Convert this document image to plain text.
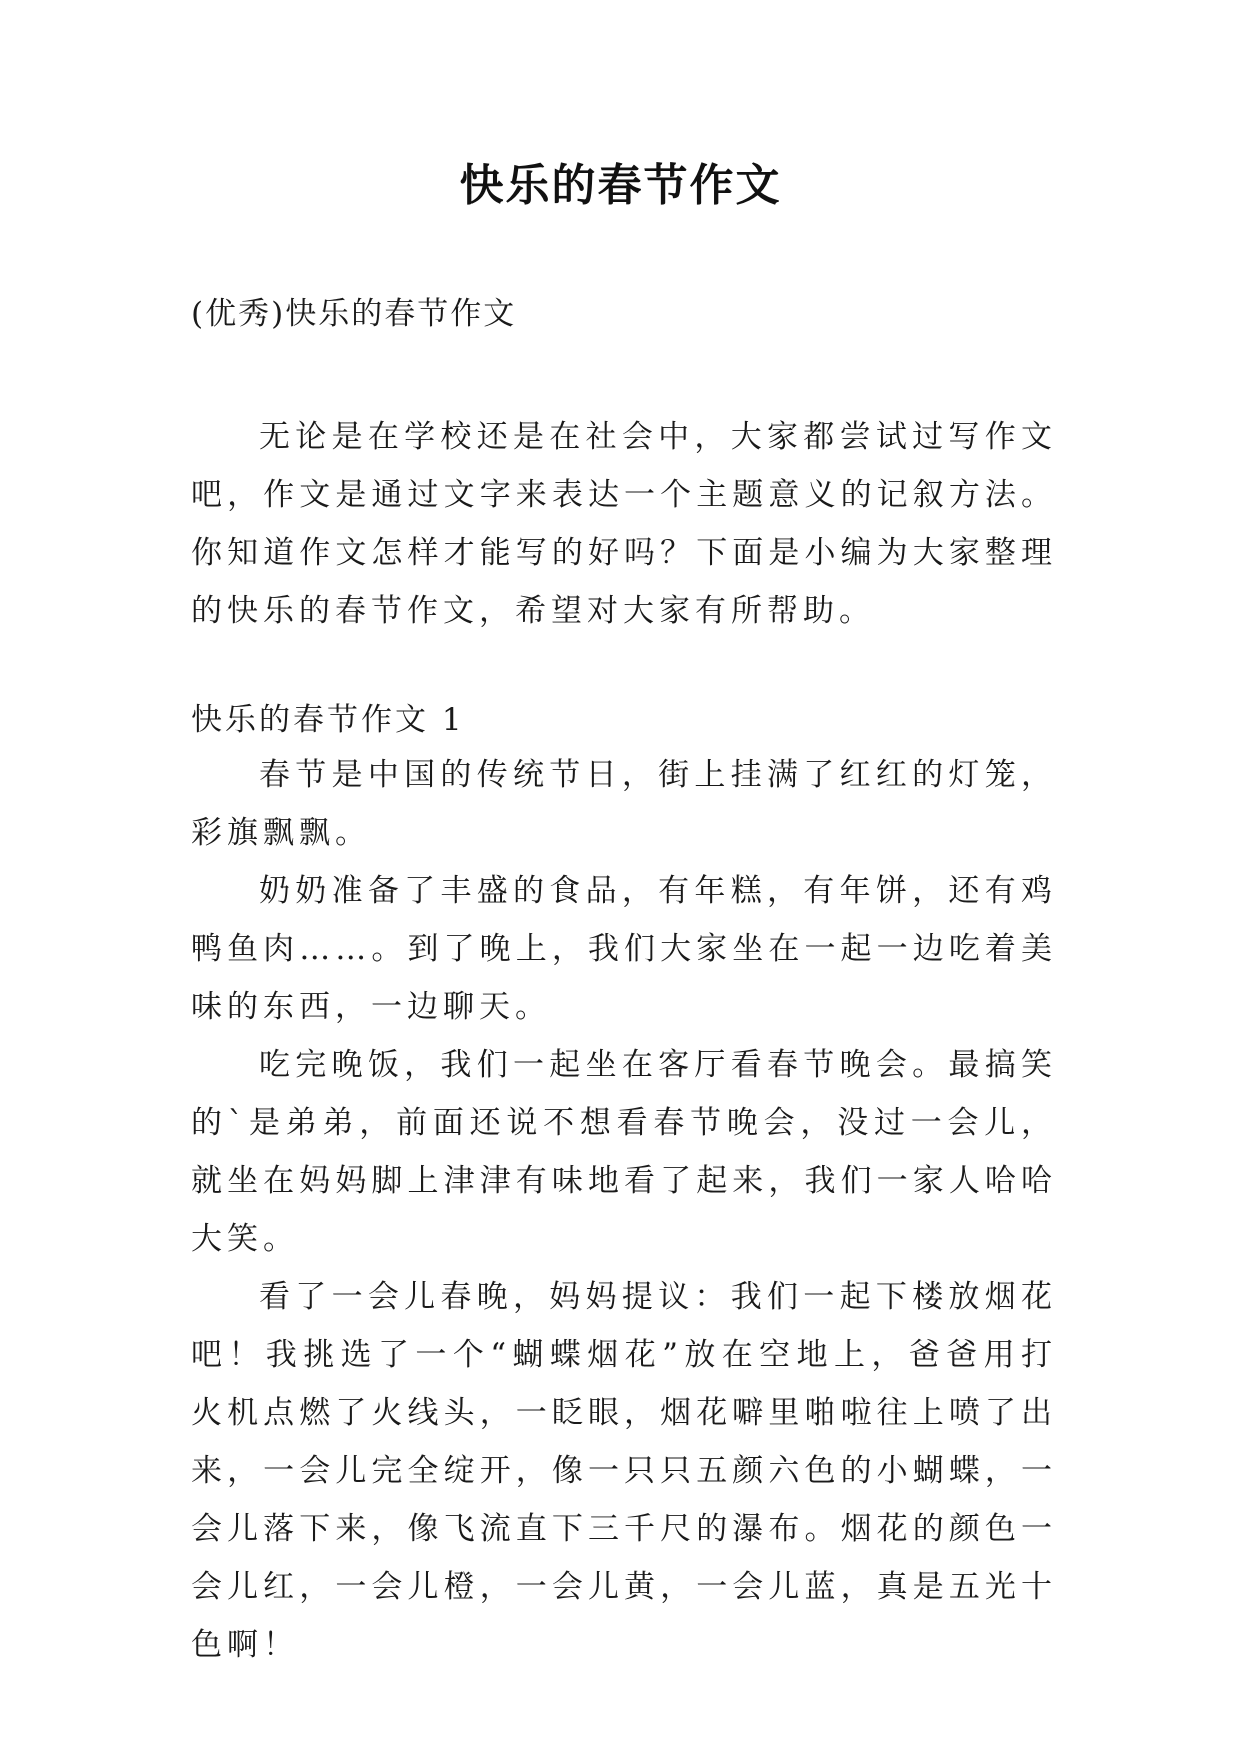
快乐的春节作文
(优秀)快乐的春节作文

无论是在学校还是在社会中，大家都尝试过写作文吧，作文是通过文字来表达一个主题意义的记叙方法。你知道作文怎样才能写的好吗？下面是小编为大家整理的快乐的春节作文，希望对大家有所帮助。

快乐的春节作文 1

春节是中国的传统节日，街上挂满了红红的灯笼，彩旗飘飘。

奶奶准备了丰盛的食品，有年糕，有年饼，还有鸡鸭鱼肉……。到了晚上，我们大家坐在一起一边吃着美味的东西，一边聊天。

吃完晚饭，我们一起坐在客厅看春节晚会。最搞笑的`是弟弟，前面还说不想看春节晚会，没过一会儿，就坐在妈妈脚上津津有味地看了起来，我们一家人哈哈大笑。

看了一会儿春晚，妈妈提议：我们一起下楼放烟花吧！我挑选了一个“蝴蝶烟花”放在空地上，爸爸用打火机点燃了火线头，一眨眼，烟花噼里啪啦往上喷了出来，一会儿完全绽开，像一只只五颜六色的小蝴蝶，一会儿落下来，像飞流直下三千尺的瀑布。烟花的颜色一会儿红，一会儿橙，一会儿黄，一会儿蓝，真是五光十色啊！
